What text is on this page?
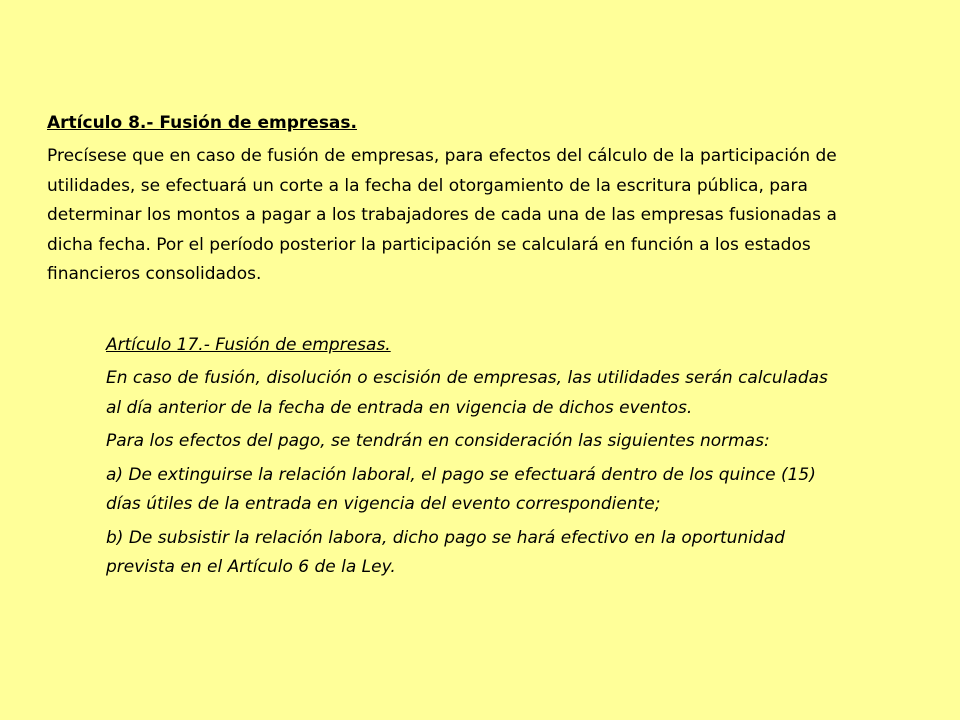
Artículo 8.- Fusión de empresas.

Precísese que en caso de fusión de empresas, para efectos del cálculo de la participación de
utilidades, se efectuará un corte a la fecha del otorgamiento de la escritura pública, para
determinar los montos a pagar a los trabajadores de cada una de las empresas fusionadas a
dicha fecha. Por el período posterior la participación se calculará en función a los estados
financieros consolidados.

Artículo 17.- Fusión de empresas.

En caso de fusión, disolución o escisión de empresas, las utilidades serán calculadas
al día anterior de la fecha de entrada en vigencia de dichos eventos.

Para los efectos del pago, se tendrán en consideración las siguientes normas:

a) De extinguirse la relación laboral, el pago se efectuará dentro de los quince (15)
días útiles de la entrada en vigencia del evento correspondiente;

b) De subsistir la relación labora, dicho pago se hará efectivo en la oportunidad
prevista en el Artículo 6 de la Ley.
